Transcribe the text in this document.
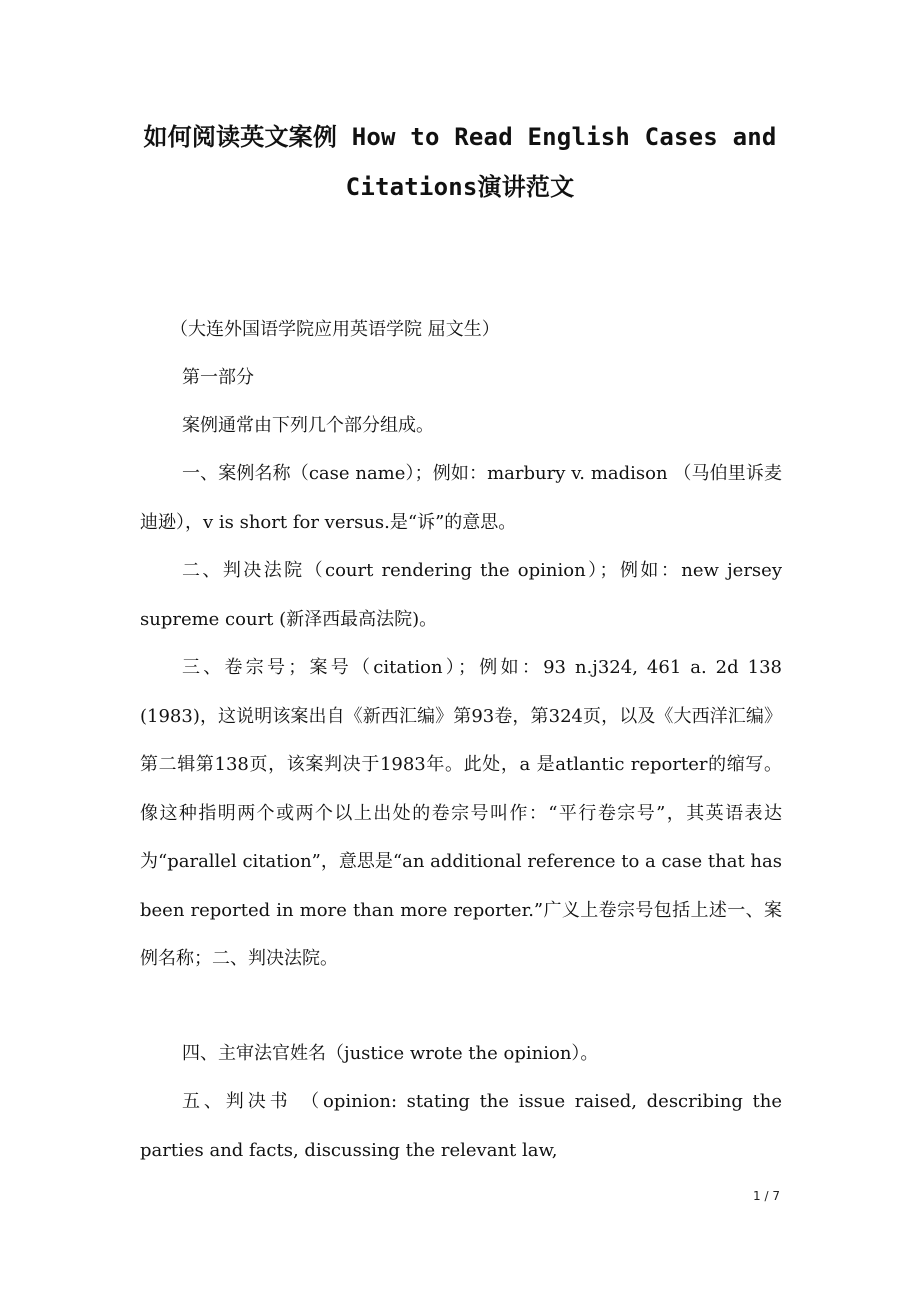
如何阅读英文案例 How to Read English Cases and Citations演讲范文

（大连外国语学院应用英语学院 屈文生）

第一部分

案例通常由下列几个部分组成。

一、案例名称（case name）；例如：marbury v. madison （马伯里诉麦迪逊），v is short for versus.是“诉”的意思。

二、判决法院（court rendering the opinion）；例如：new jersey supreme court (新泽西最高法院)。

三、卷宗号；案号（citation）；例如：93 n.j324, 461 a. 2d 138 (1983)，这说明该案出自《新西汇编》第93卷，第324页，以及《大西洋汇编》第二辑第138页，该案判决于1983年。此处，a 是atlantic reporter的缩写。像这种指明两个或两个以上出处的卷宗号叫作：“平行卷宗号”，其英语表达为“parallel citation”，意思是“an additional reference to a case that has been reported in more than more reporter.”广义上卷宗号包括上述一、案例名称；二、判决法院。

四、主审法官姓名（justice wrote the opinion）。

五、判决书 （opinion: stating the issue raised, describing the parties and facts, discussing the relevant law,

1 / 7
